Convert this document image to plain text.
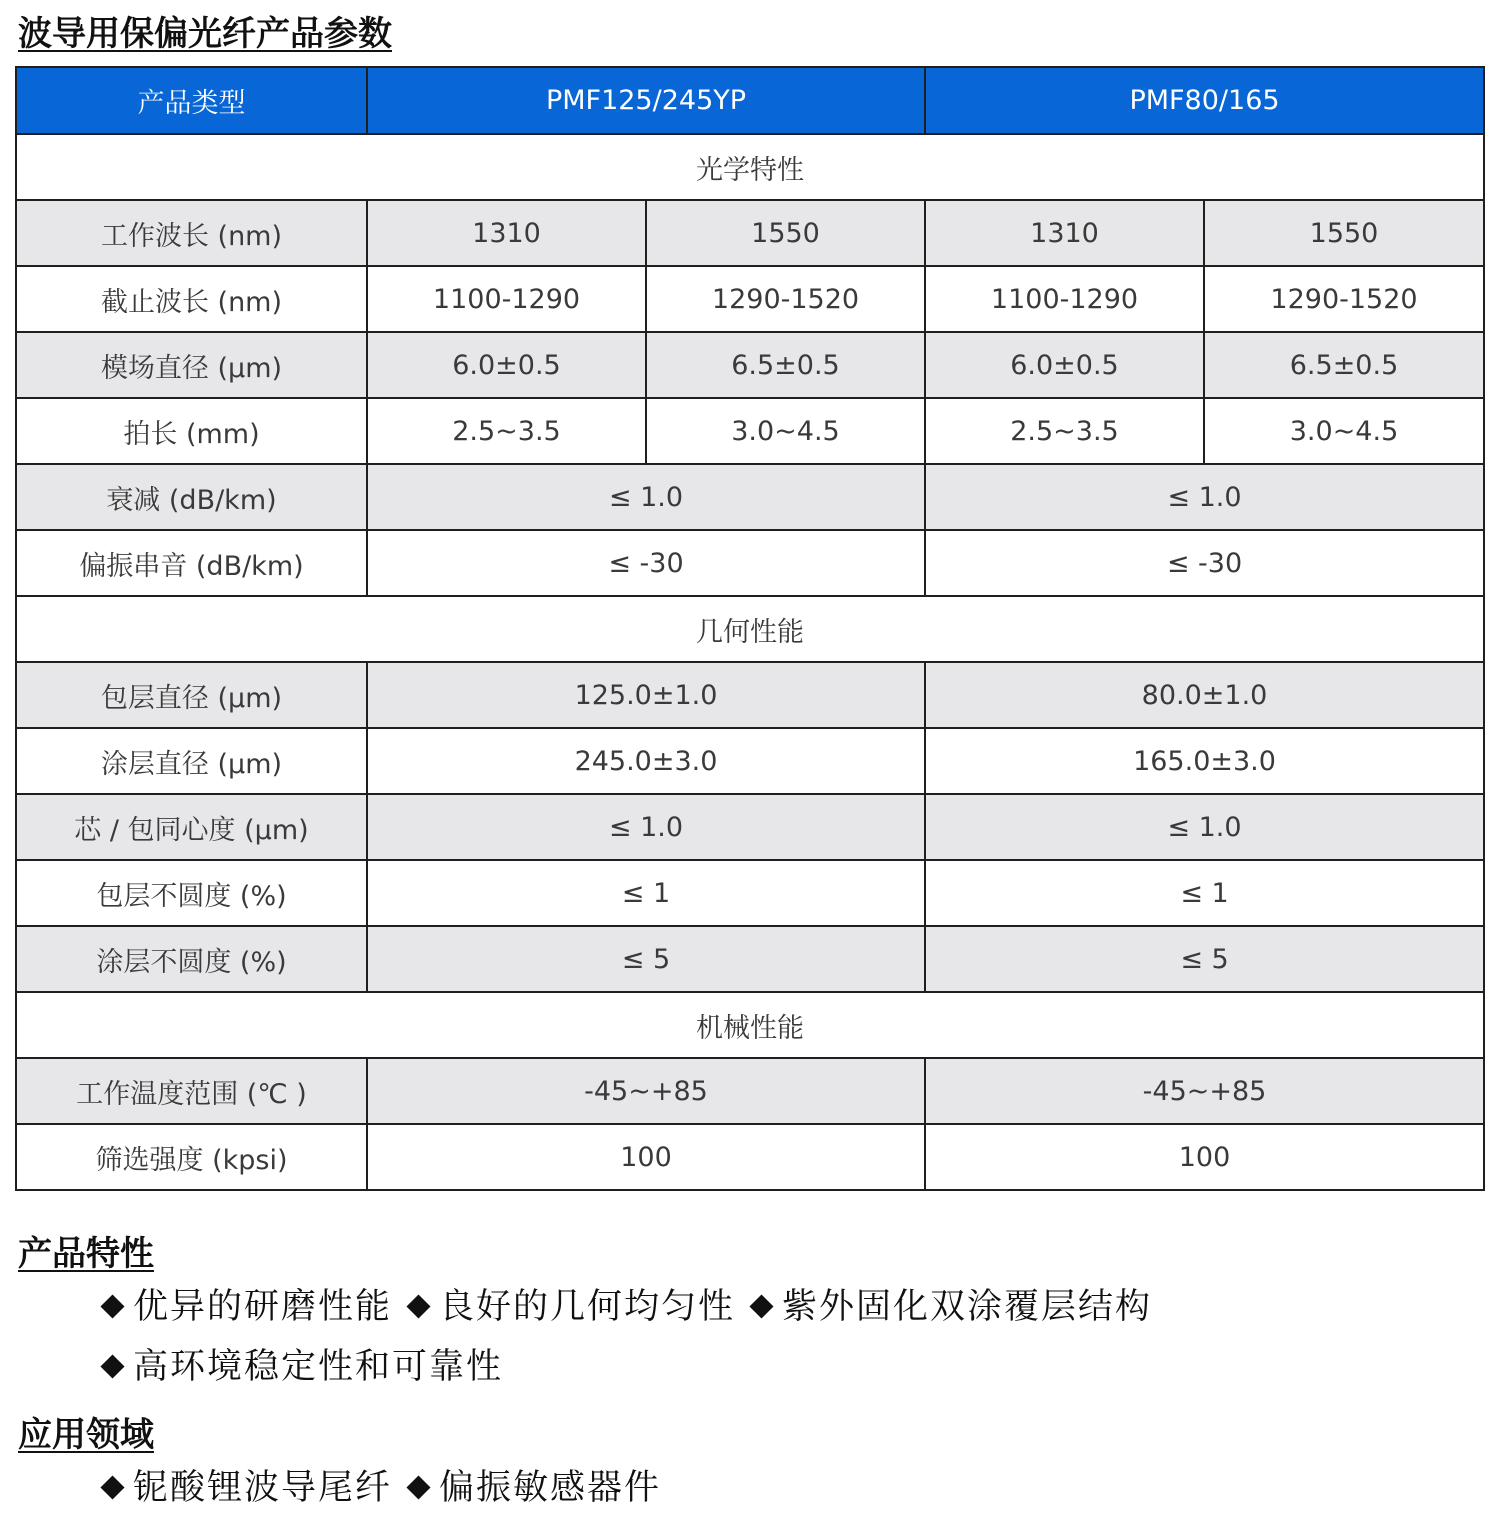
波导用保偏光纤产品参数
产品类型	PMF125/245YP		PMF80/165	
光学特性				
工作波长 (nm)	1310	1550	1310	1550
截止波长 (nm)	1100-1290	1290-1520	1100-1290	1290-1520
模场直径 (μm)	6.0±0.5	6.5±0.5	6.0±0.5	6.5±0.5
拍长 (mm)	2.5~3.5	3.0~4.5	2.5~3.5	3.0~4.5
衰减 (dB/km)	≤ 1.0		≤ 1.0	
偏振串音 (dB/km)	≤ -30		≤ -30	
几何性能				
包层直径 (μm)	125.0±1.0		80.0±1.0	
涂层直径 (μm)	245.0±3.0		165.0±3.0	
芯 / 包同心度 (μm)	≤ 1.0		≤ 1.0	
包层不圆度 (%)	≤ 1		≤ 1	
涂层不圆度 (%)	≤ 5		≤ 5	
机械性能				
工作温度范围 (℃ )	-45~+85		-45~+85	
筛选强度 (kpsi)	100		100	
产品特性
优异的研磨性能 良好的几何均匀性 紫外固化双涂覆层结构
高环境稳定性和可靠性
应用领域
铌酸锂波导尾纤 偏振敏感器件
